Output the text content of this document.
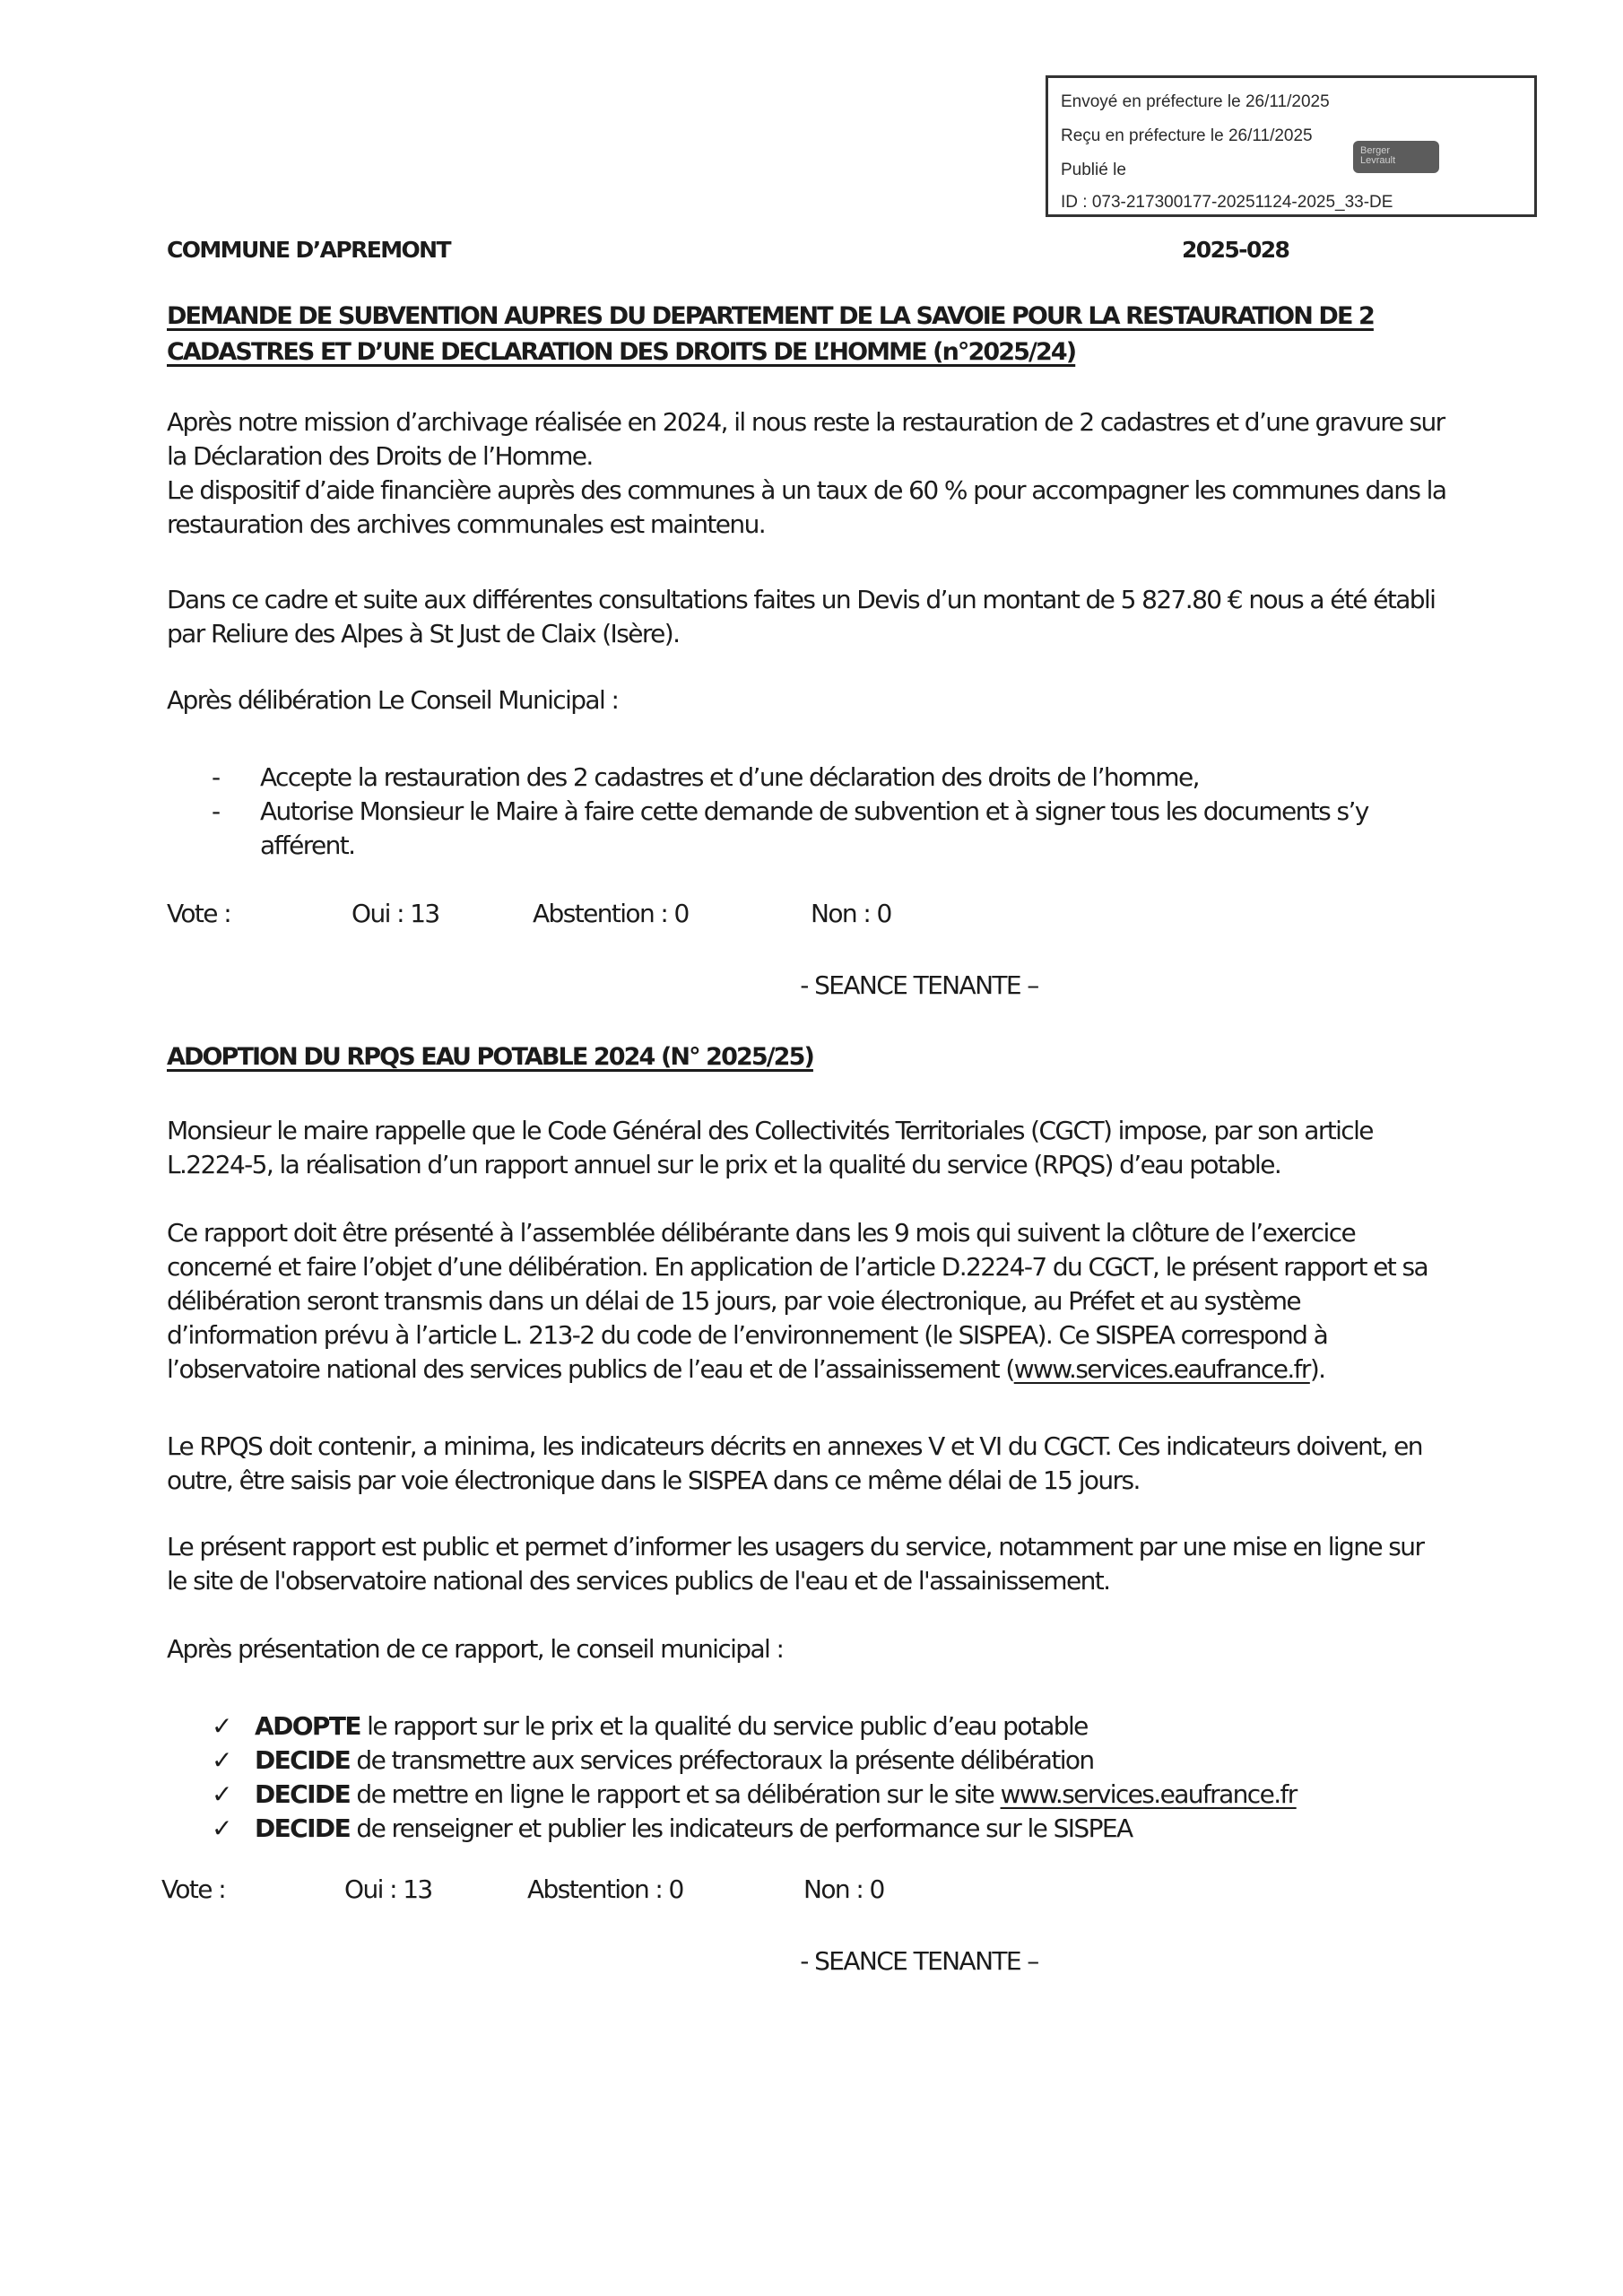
Envoyé en préfecture le 26/11/2025
Reçu en préfecture le 26/11/2025
Publié le
ID : 073-217300177-20251124-2025_33-DE
Berger
Levrault
COMMUNE D’APREMONT	2025-028
DEMANDE DE SUBVENTION AUPRES DU DEPARTEMENT DE LA SAVOIE POUR LA RESTAURATION DE 2
CADASTRES ET D’UNE DECLARATION DES DROITS DE L’HOMME (n°2025/24)
Après notre mission d’archivage réalisée en 2024, il nous reste la restauration de 2 cadastres et d’une gravure sur la Déclaration des Droits de l’Homme.
Le dispositif d’aide financière auprès des communes à un taux de 60 % pour accompagner les communes dans la restauration des archives communales est maintenu.
Dans ce cadre et suite aux différentes consultations faites un Devis d’un montant de 5 827.80 € nous a été établi par Reliure des Alpes à St Just de Claix (Isère).
Après délibération Le Conseil Municipal :
- Accepte la restauration des 2 cadastres et d’une déclaration des droits de l’homme,
- Autorise Monsieur le Maire à faire cette demande de subvention et à signer tous les documents s’y afférent.
Vote :	Oui : 13	Abstention : 0	Non : 0
- SEANCE TENANTE –
ADOPTION DU RPQS EAU POTABLE 2024 (N° 2025/25)
Monsieur le maire rappelle que le Code Général des Collectivités Territoriales (CGCT) impose, par son article L.2224-5, la réalisation d’un rapport annuel sur le prix et la qualité du service (RPQS) d’eau potable.
Ce rapport doit être présenté à l’assemblée délibérante dans les 9 mois qui suivent la clôture de l’exercice concerné et faire l’objet d’une délibération. En application de l’article D.2224-7 du CGCT, le présent rapport et sa délibération seront transmis dans un délai de 15 jours, par voie électronique, au Préfet et au système d’information prévu à l’article L. 213-2 du code de l’environnement (le SISPEA). Ce SISPEA correspond à l’observatoire national des services publics de l’eau et de l’assainissement (www.services.eaufrance.fr).
Le RPQS doit contenir, a minima, les indicateurs décrits en annexes V et VI du CGCT. Ces indicateurs doivent, en outre, être saisis par voie électronique dans le SISPEA dans ce même délai de 15 jours.
Le présent rapport est public et permet d’informer les usagers du service, notamment par une mise en ligne sur le site de l'observatoire national des services publics de l'eau et de l'assainissement.
Après présentation de ce rapport, le conseil municipal :
✓ ADOPTE le rapport sur le prix et la qualité du service public d’eau potable
✓ DECIDE de transmettre aux services préfectoraux la présente délibération
✓ DECIDE de mettre en ligne le rapport et sa délibération sur le site www.services.eaufrance.fr
✓ DECIDE de renseigner et publier les indicateurs de performance sur le SISPEA
Vote :	Oui : 13	Abstention : 0	Non : 0
- SEANCE TENANTE –
